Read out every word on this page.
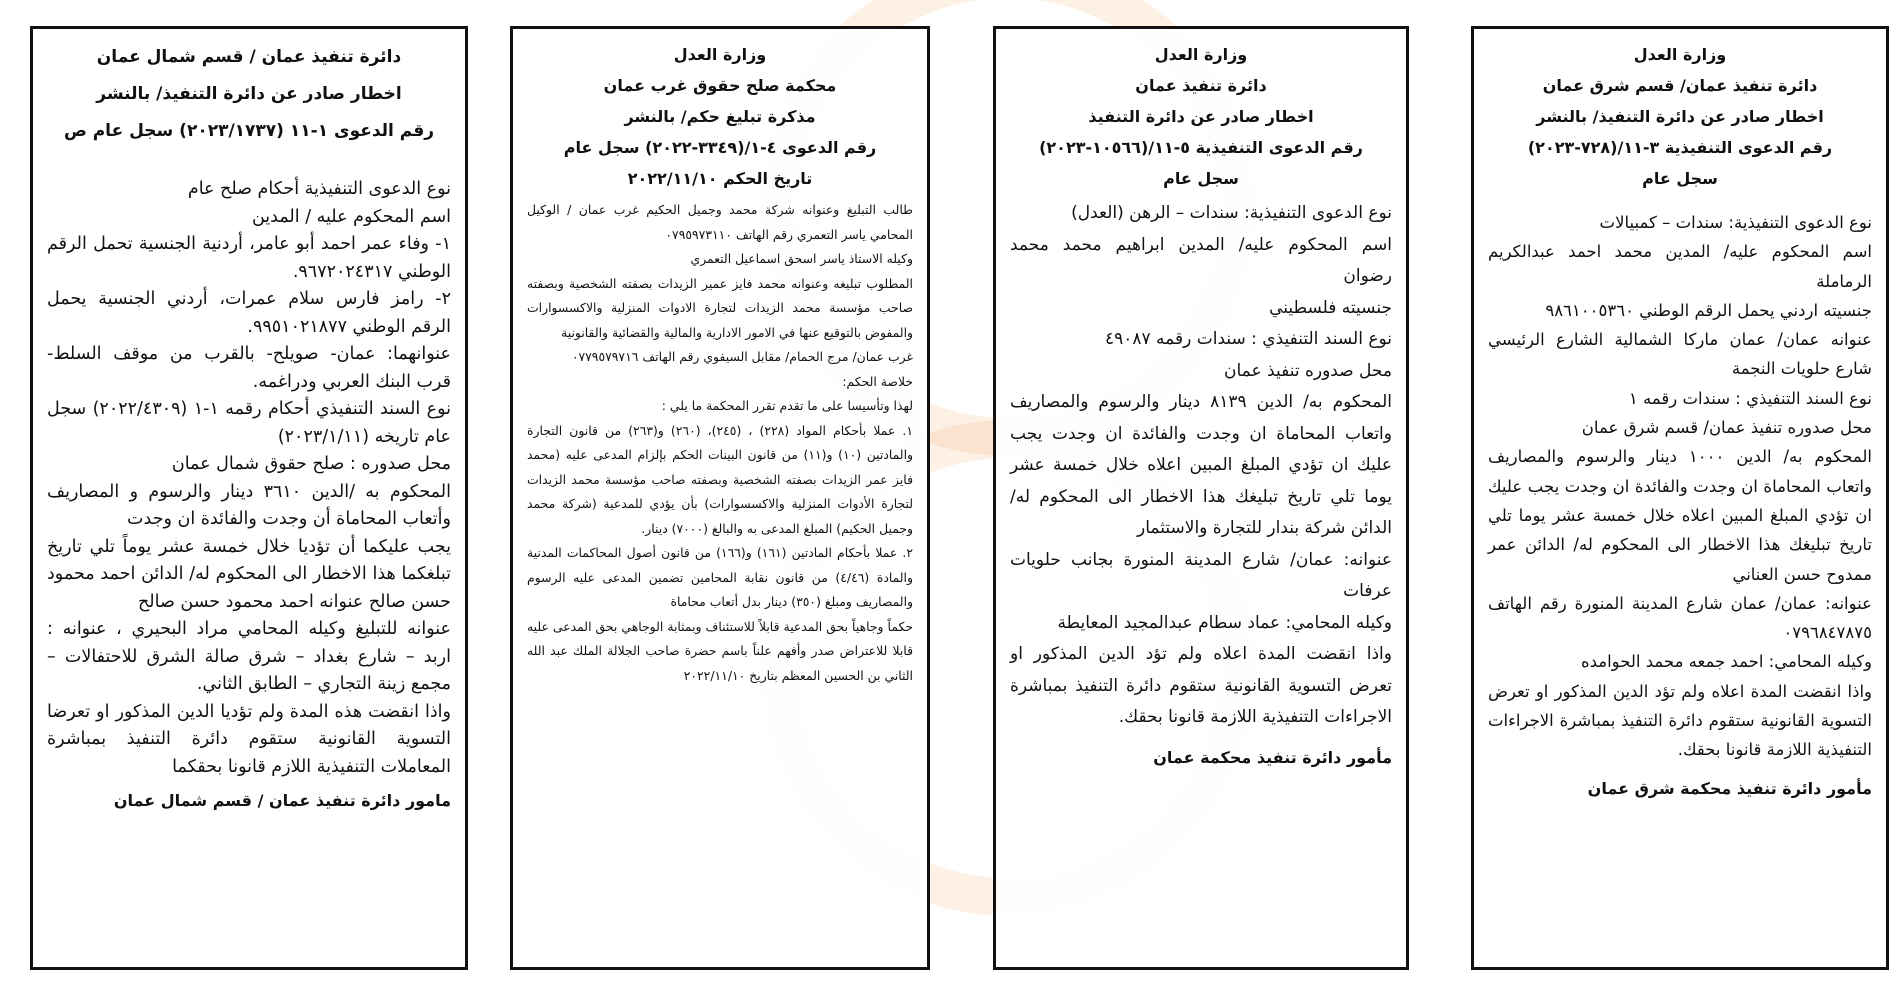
دائرة تنفيذ عمان / قسم شمال عمان
اخطار صادر عن دائرة التنفيذ/ بالنشر
رقم الدعوى ١-١١ (٢٠٢٣/١٧٣٧) سجل عام ص

نوع الدعوى التنفيذية أحكام صلح عام

اسم المحكوم عليه / المدين

١- وفاء عمر احمد أبو عامر، أردنية الجنسية تحمل الرقم الوطني ٩٦٧٢٠٢٤٣١٧.

٢- رامز فارس سلام عمرات، أردني الجنسية يحمل الرقم الوطني ٩٩٥١٠٢١٨٧٧.

عنوانهما: عمان- صويلح- بالقرب من موقف السلط- قرب البنك العربي ودراغمه.

نوع السند التنفيذي أحكام رقمه ١-١ (٢٠٢٢/٤٣٠٩) سجل عام تاريخه (٢٠٢٣/١/١١)

محل صدوره : صلح حقوق شمال عمان

المحكوم به /الدين ٣٦١٠ دينار والرسوم و المصاريف وأتعاب المحاماة أن وجدت والفائدة ان وجدت

يجب عليكما أن تؤديا خلال خمسة عشر يوماً تلي تاريخ تبلغكما هذا الاخطار الى المحكوم له/ الدائن احمد محمود حسن صالح عنوانه احمد محمود حسن صالح

عنوانه للتبليغ وكيله المحامي مراد البحيري ، عنوانه : اربد – شارع بغداد – شرق صالة الشرق للاحتفالات – مجمع زينة التجاري – الطابق الثاني.

واذا انقضت هذه المدة ولم تؤديا الدين المذكور او تعرضا التسوية القانونية ستقوم دائرة التنفيذ بمباشرة المعاملات التنفيذية اللازم قانونا بحقكما

مامور دائرة تنفيذ عمان / قسم شمال عمان
وزارة العدل
محكمة صلح حقوق غرب عمان
مذكرة تبليغ حكم/ بالنشر
رقم الدعوى ٤-١/(٣٣٤٩-٢٠٢٢) سجل عام
تاريخ الحكم ٢٠٢٢/١١/١٠

طالب التبليغ وعنوانه شركة محمد وجميل الحكيم غرب عمان / الوكيل المحامي ياسر التعمري رقم الهاتف ٠٧٩٥٩٧٣١١٠

وكيله الاستاذ ياسر اسحق اسماعيل التعمري

المطلوب تبليغه وعنوانه محمد فايز عمير الزيدات بصفته الشخصية وبصفته صاحب مؤسسة محمد الزيدات لتجارة الادوات المنزلية والاكسسوارات والمفوض بالتوقيع عنها في الامور الادارية والمالية والقضائية والقانونية

غرب عمان/ مرج الحمام/ مقابل السيفوي رقم الهاتف ٠٧٧٩٥٧٩٧١٦

خلاصة الحكم:

لهذا وتأسيسا على ما تقدم تقرر المحكمة ما يلي :

١. عملا بأحكام المواد (٢٢٨) ، (٢٤٥)، (٢٦٠) و(٢٦٣) من قانون التجارة والمادتين (١٠) و(١١) من قانون البينات الحكم بإلزام المدعى عليه (محمد فايز عمر الزيدات بصفته الشخصية وبصفته صاحب مؤسسة محمد الزيدات لتجارة الأدوات المنزلية والاكسسوارات) بأن يؤدي للمدعية (شركة محمد وجميل الحكيم) المبلغ المدعى به والبالغ (٧٠٠٠) دينار.

٢. عملا بأحكام المادتين (١٦١) و(١٦٦) من قانون أصول المحاكمات المدنية والمادة (٤/٤٦) من قانون نقابة المحامين تضمين المدعى عليه الرسوم والمصاريف ومبلغ (٣٥٠) دينار بدل أتعاب محاماة

حكماً وجاهياً بحق المدعية قابلاً للاستئناف وبمثابة الوجاهي بحق المدعى عليه قابلا للاعتراض صدر وأفهم علناً باسم حضرة صاحب الجلالة الملك عبد الله الثاني بن الحسين المعظم بتاريخ ٢٠٢٢/١١/١٠

وزارة العدل
دائرة تنفيذ عمان
اخطار صادر عن دائرة التنفيذ
رقم الدعوى التنفيذية ٥-١١/(١٠٥٦٦-٢٠٢٣)
سجل عام

نوع الدعوى التنفيذية: سندات – الرهن (العدل)

اسم المحكوم عليه/ المدين ابراهيم محمد محمد رضوان

جنسيته فلسطيني

نوع السند التنفيذي : سندات رقمه ٤٩٠٨٧

محل صدوره تنفيذ عمان

المحكوم به/ الدين ٨١٣٩ دينار والرسوم والمصاريف واتعاب المحاماة ان وجدت والفائدة ان وجدت يجب عليك ان تؤدي المبلغ المبين اعلاه خلال خمسة عشر يوما تلي تاريخ تبليغك هذا الاخطار الى المحكوم له/ الدائن شركة بندار للتجارة والاستثمار

عنوانه: عمان/ شارع المدينة المنورة بجانب حلويات عرفات

وكيله المحامي: عماد سطام عبدالمجيد المعايطة

واذا انقضت المدة اعلاه ولم تؤد الدين المذكور او تعرض التسوية القانونية ستقوم دائرة التنفيذ بمباشرة الاجراءات التنفيذية اللازمة قانونا بحقك.

مأمور دائرة تنفيذ محكمة عمان
وزارة العدل
دائرة تنفيذ عمان/ قسم شرق عمان
اخطار صادر عن دائرة التنفيذ/ بالنشر
رقم الدعوى التنفيذية ٣-١١/(٧٢٨-٢٠٢٣)
سجل عام

نوع الدعوى التنفيذية: سندات – كمبيالات

اسم المحكوم عليه/ المدين محمد احمد عبدالكريم الرماملة

جنسيته اردني يحمل الرقم الوطني ٩٨٦١٠٠٥٣٦٠

عنوانه عمان/ عمان ماركا الشمالية الشارع الرئيسي شارع حلويات النجمة

نوع السند التنفيذي : سندات رقمه ١

محل صدوره تنفيذ عمان/ قسم شرق عمان

المحكوم به/ الدين ١٠٠٠ دينار والرسوم والمصاريف واتعاب المحاماة ان وجدت والفائدة ان وجدت يجب عليك ان تؤدي المبلغ المبين اعلاه خلال خمسة عشر يوما تلي تاريخ تبليغك هذا الاخطار الى المحكوم له/ الدائن عمر ممدوح حسن العناني

عنوانه: عمان/ عمان شارع المدينة المنورة رقم الهاتف ٠٧٩٦٨٤٧٨٧٥

وكيله المحامي: احمد جمعه محمد الحوامده

واذا انقضت المدة اعلاه ولم تؤد الدين المذكور او تعرض التسوية القانونية ستقوم دائرة التنفيذ بمباشرة الاجراءات التنفيذية اللازمة قانونا بحقك.

مأمور دائرة تنفيذ محكمة شرق عمان
